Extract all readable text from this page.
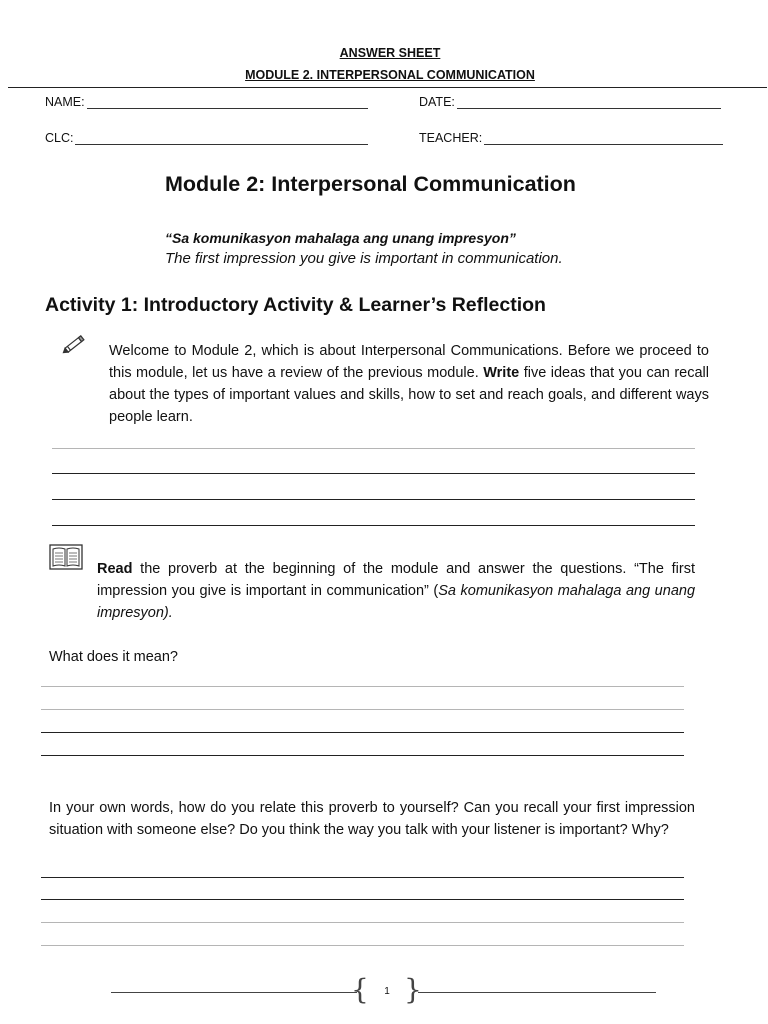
ANSWER SHEET
MODULE 2. INTERPERSONAL COMMUNICATION
NAME:	DATE:
CLC:	TEACHER:
Module 2: Interpersonal Communication
“Sa komunikasyon mahalaga ang unang impresyon”
The first impression you give is important in communication.
Activity 1: Introductory Activity & Learner’s Reflection
Welcome to Module 2, which is about Interpersonal Communications. Before we proceed to this module, let us have a review of the previous module. Write five ideas that you can recall about the types of important values and skills, how to set and reach goals, and different ways people learn.
Read the proverb at the beginning of the module and answer the questions. “The first impression you give is important in communication” (Sa komunikasyon mahalaga ang unang impresyon).
What does it mean?
In your own words, how do you relate this proverb to yourself? Can you recall your first impression situation with someone else? Do you think the way you talk with your listener is important? Why?
{ }
1
